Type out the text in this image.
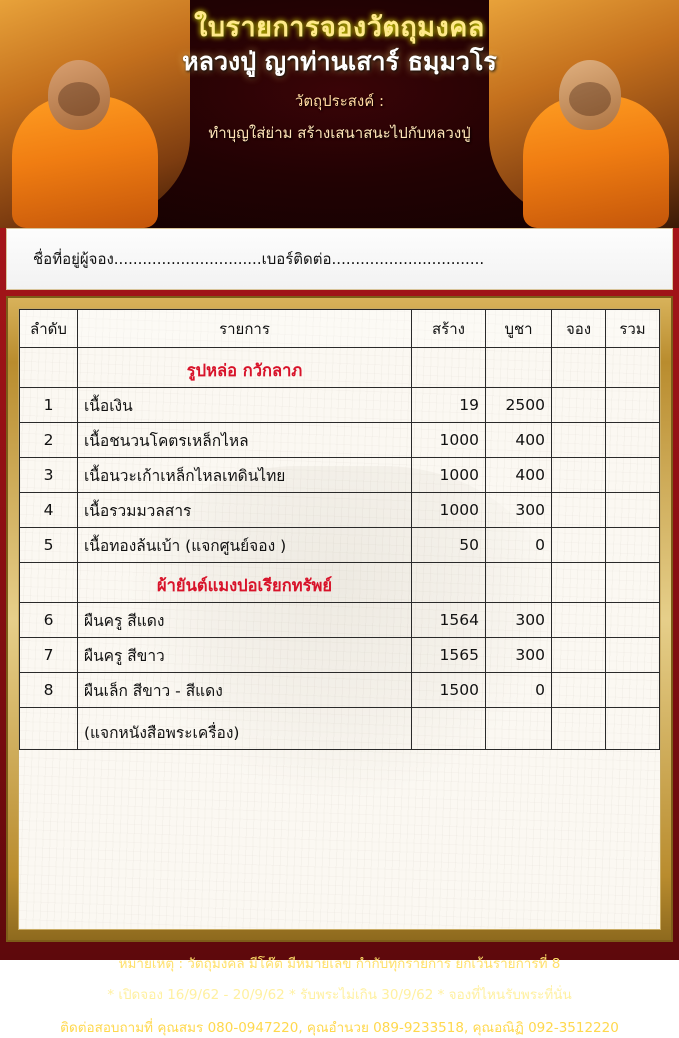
ใบรายการจองวัตถุมงคล
หลวงปู่ ญาท่านเสาร์ ธมฺมวโร
วัตถุประสงค์ :
ทำบุญใส่ย่าม สร้างเสนาสนะไปกับหลวงปู่
ชื่อที่อยู่ผู้จอง...............................เบอร์ติดต่อ................................
ลำดับ	รายการ	สร้าง	บูชา	จอง	รวม
	รูปหล่อ กวักลาภ				
1	เนื้อเงิน	19	2500		
2	เนื้อชนวนโคตรเหล็กไหล	1000	400		
3	เนื้อนวะเก้าเหล็กไหลเทดินไทย	1000	400		
4	เนื้อรวมมวลสาร	1000	300		
5	เนื้อทองล้นเบ้า (แจกศูนย์จอง )	50	0		
	ผ้ายันต์แมงปอเรียกทรัพย์				
6	ผืนครู สีแดง	1564	300		
7	ผืนครู สีขาว	1565	300		
8	ผืนเล็ก สีขาว - สีแดง	1500	0		
	(แจกหนังสือพระเครื่อง)				
หมายเหตุ : วัตถุมงคล มีโค๊ต มีหมายเลข กำกับทุกรายการ ยกเว้นรายการที่ 8
* เปิดจอง 16/9/62 - 20/9/62 * รับพระไม่เกิน 30/9/62 * จองที่ไหนรับพระที่นั่น
ติดต่อสอบถามที่ คุณสมร 080-0947220, คุณอำนวย 089-9233518, คุณอณิฏิ 092-3512220
